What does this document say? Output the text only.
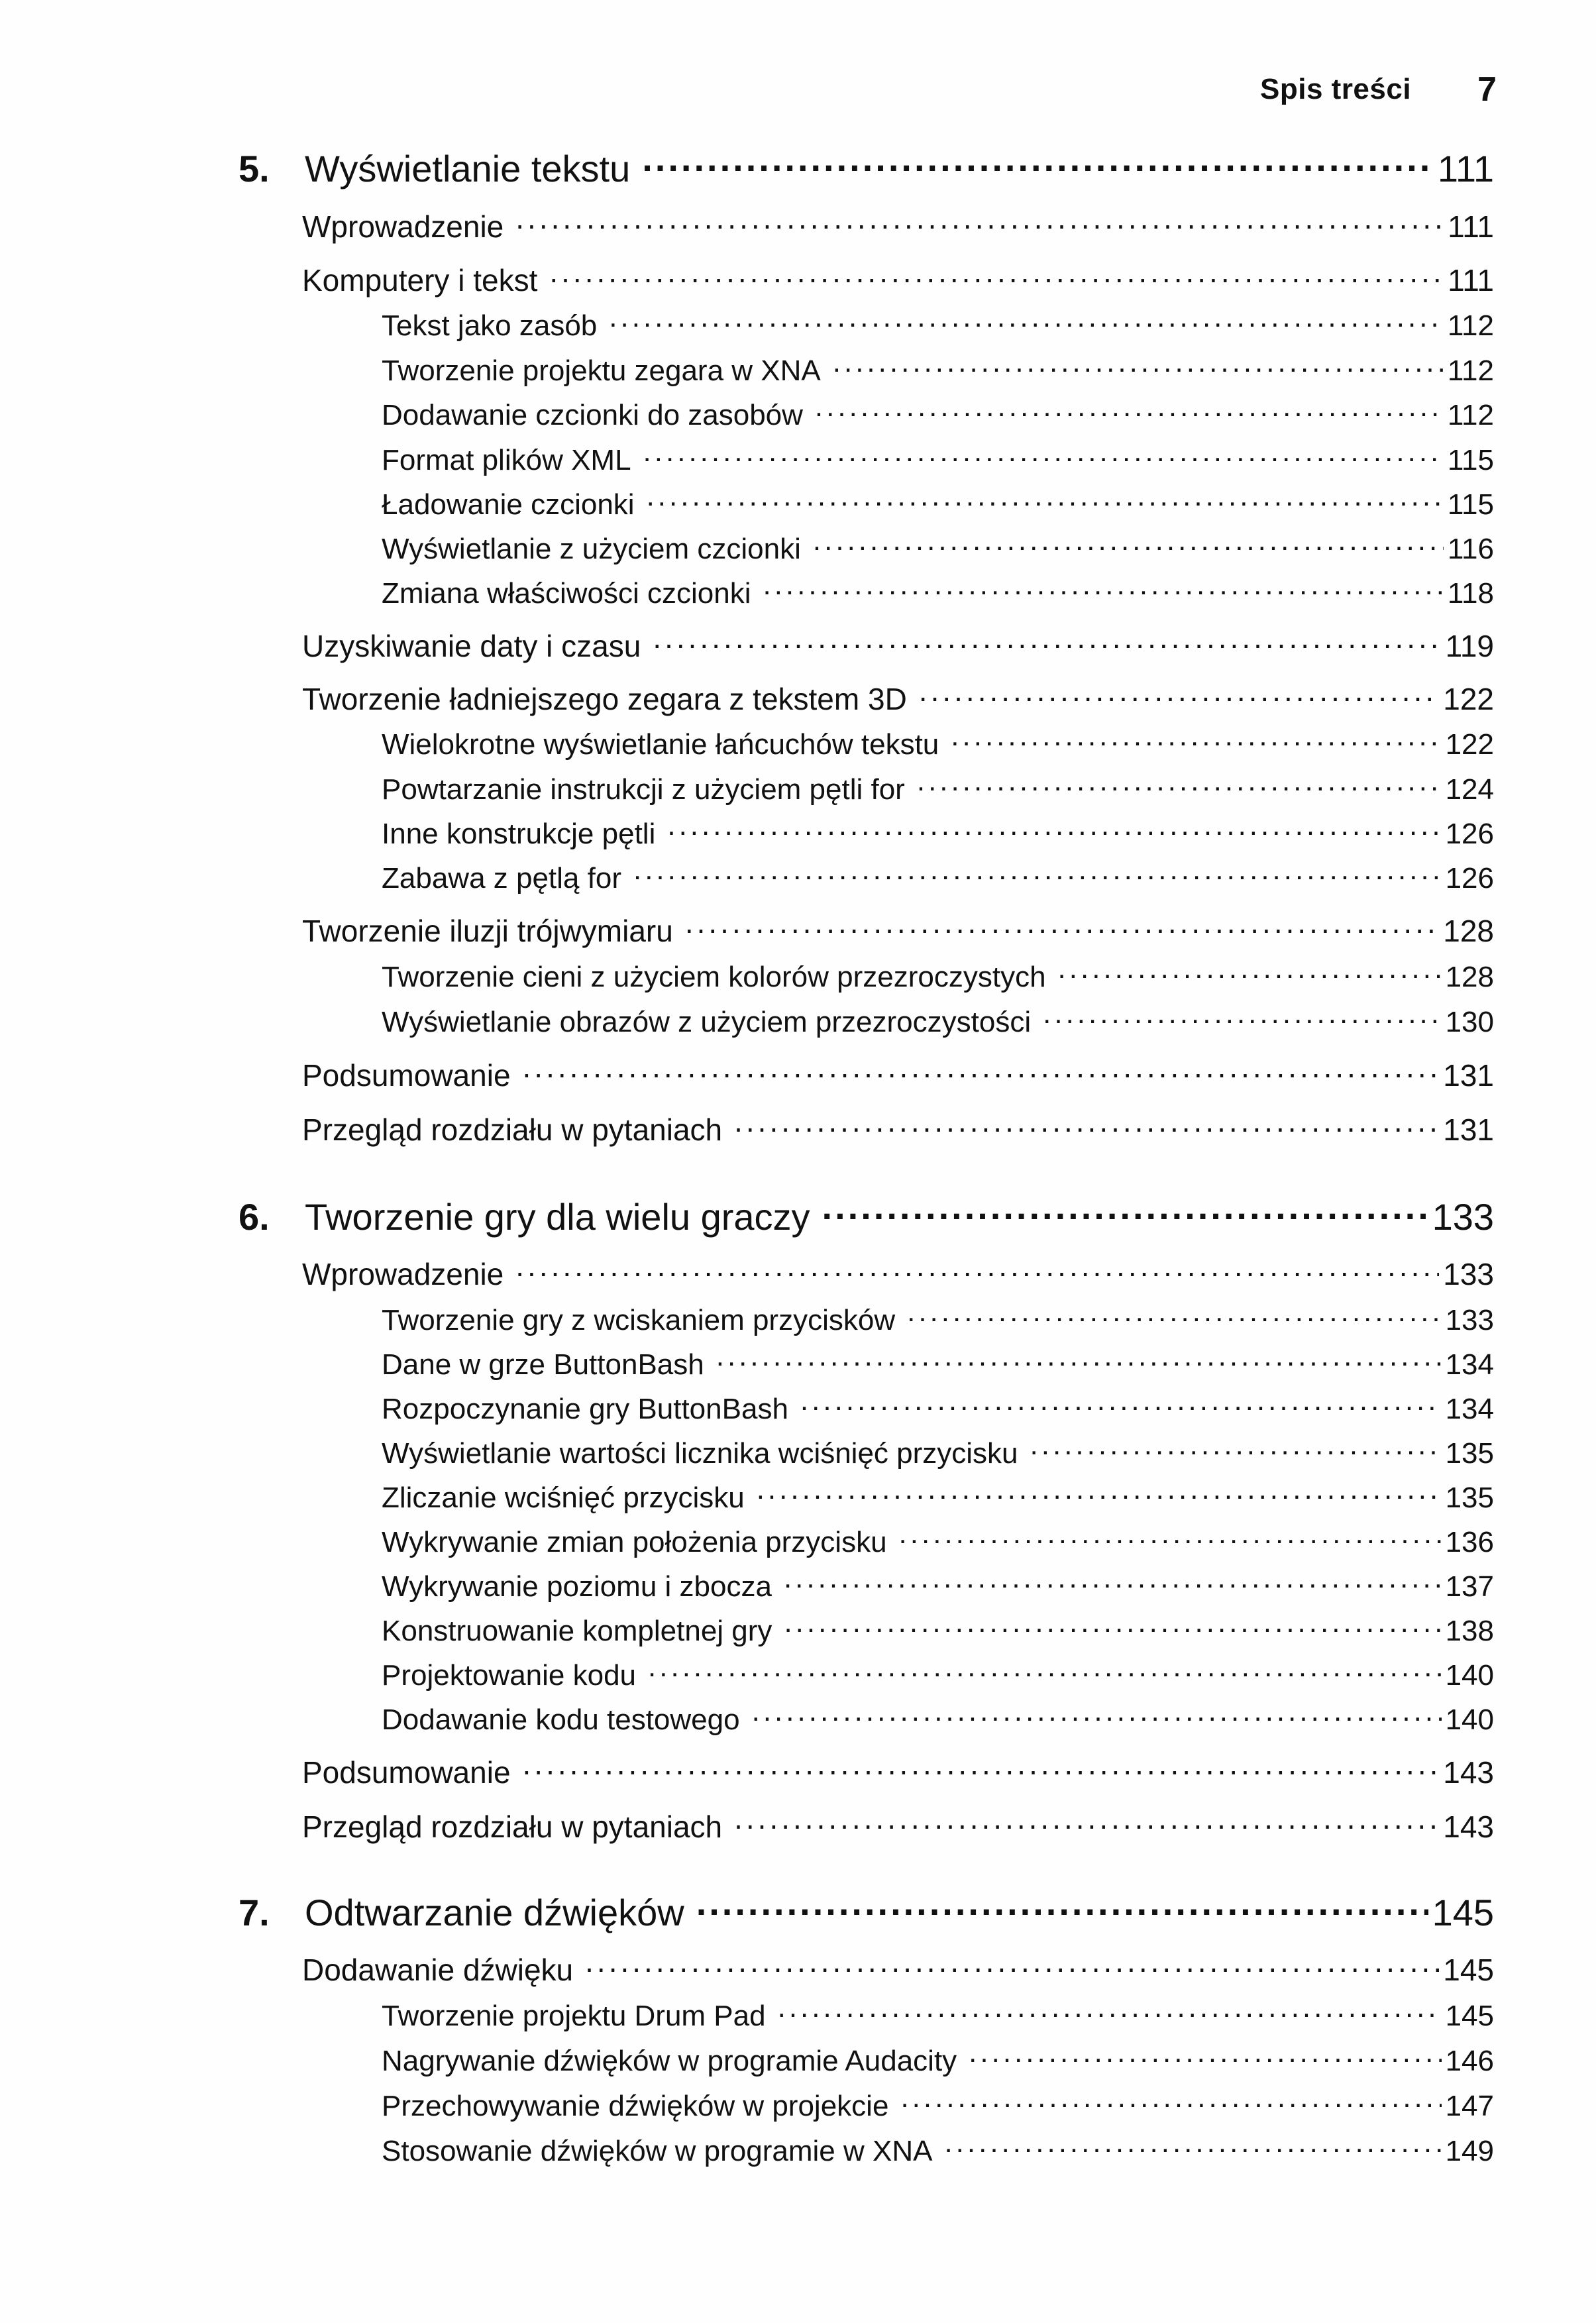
Spis treści 7
5. Wyświetlanie tekstu .....	111
Wprowadzenie .....	111
Komputery i tekst .....	111
Tekst jako zasób .....	112
Tworzenie projektu zegara w XNA .....	112
Dodawanie czcionki do zasobów .....	112
Format plików XML .....	115
Ładowanie czcionki .....	115
Wyświetlanie z użyciem czcionki .....	116
Zmiana właściwości czcionki .....	118
Uzyskiwanie daty i czasu .....	119
Tworzenie ładniejszego zegara z tekstem 3D .....	122
Wielokrotne wyświetlanie łańcuchów tekstu .....	122
Powtarzanie instrukcji z użyciem pętli for .....	124
Inne konstrukcje pętli .....	126
Zabawa z pętlą for .....	126
Tworzenie iluzji trójwymiaru .....	128
Tworzenie cieni z użyciem kolorów przezroczystych .....	128
Wyświetlanie obrazów z użyciem przezroczystości .....	130
Podsumowanie .....	131
Przegląd rozdziału w pytaniach .....	131
6. Tworzenie gry dla wielu graczy .....	133
Wprowadzenie .....	133
Tworzenie gry z wciskaniem przycisków .....	133
Dane w grze ButtonBash .....	134
Rozpoczynanie gry ButtonBash .....	134
Wyświetlanie wartości licznika wciśnięć przycisku .....	135
Zliczanie wciśnięć przycisku .....	135
Wykrywanie zmian położenia przycisku .....	136
Wykrywanie poziomu i zbocza .....	137
Konstruowanie kompletnej gry .....	138
Projektowanie kodu .....	140
Dodawanie kodu testowego .....	140
Podsumowanie .....	143
Przegląd rozdziału w pytaniach .....	143
7. Odtwarzanie dźwięków .....	145
Dodawanie dźwięku .....	145
Tworzenie projektu Drum Pad .....	145
Nagrywanie dźwięków w programie Audacity .....	146
Przechowywanie dźwięków w projekcie .....	147
Stosowanie dźwięków w programie w XNA .....	149
